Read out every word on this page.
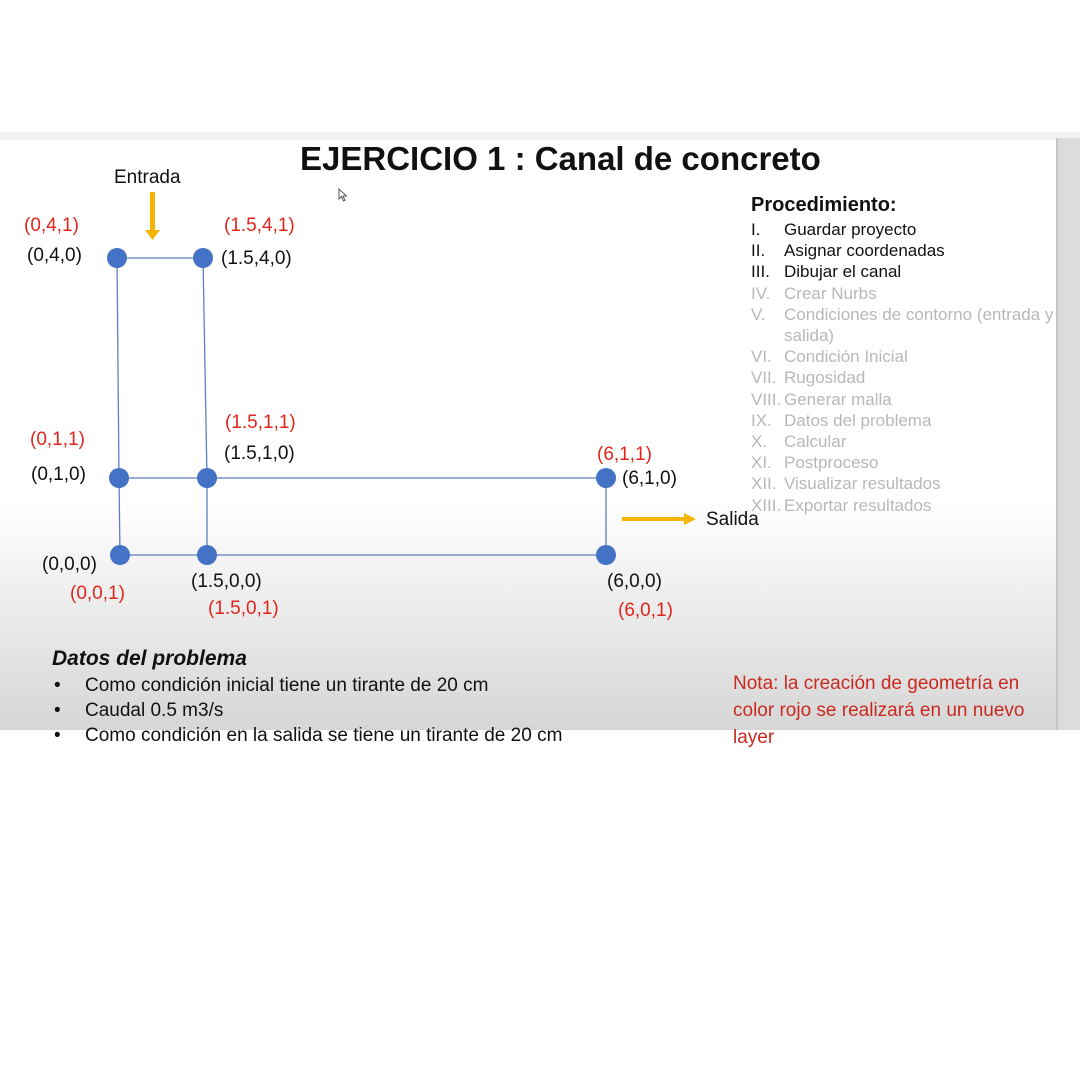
EJERCICIO 1 : Canal de concreto
Entrada
Salida
(0,4,1)
(0,4,0)
(1.5,4,1)
(1.5,4,0)
(0,1,1)
(0,1,0)
(1.5,1,1)
(1.5,1,0)	(6,1,1)
(6,1,0)
(0,0,0)
(0,0,1)
(1.5,0,0)
(1.5,0,1)
(6,0,0)
(6,0,1)
Procedimiento:
I. Guardar proyecto
II. Asignar coordenadas
III. Dibujar el canal
IV. Crear Nurbs
V. Condiciones de contorno (entrada y salida)
VI. Condición Inicial
VII. Rugosidad
VIII. Generar malla
IX. Datos del problema
X. Calcular
XI. Postproceso
XII. Visualizar resultados
XIII. Exportar resultados
Datos del problema
• Como condición inicial tiene un tirante de 20 cm
• Caudal 0.5 m3/s
• Como condición en la salida se tiene un tirante de 20 cm
Nota: la creación de geometría en color rojo se realizará en un nuevo layer
